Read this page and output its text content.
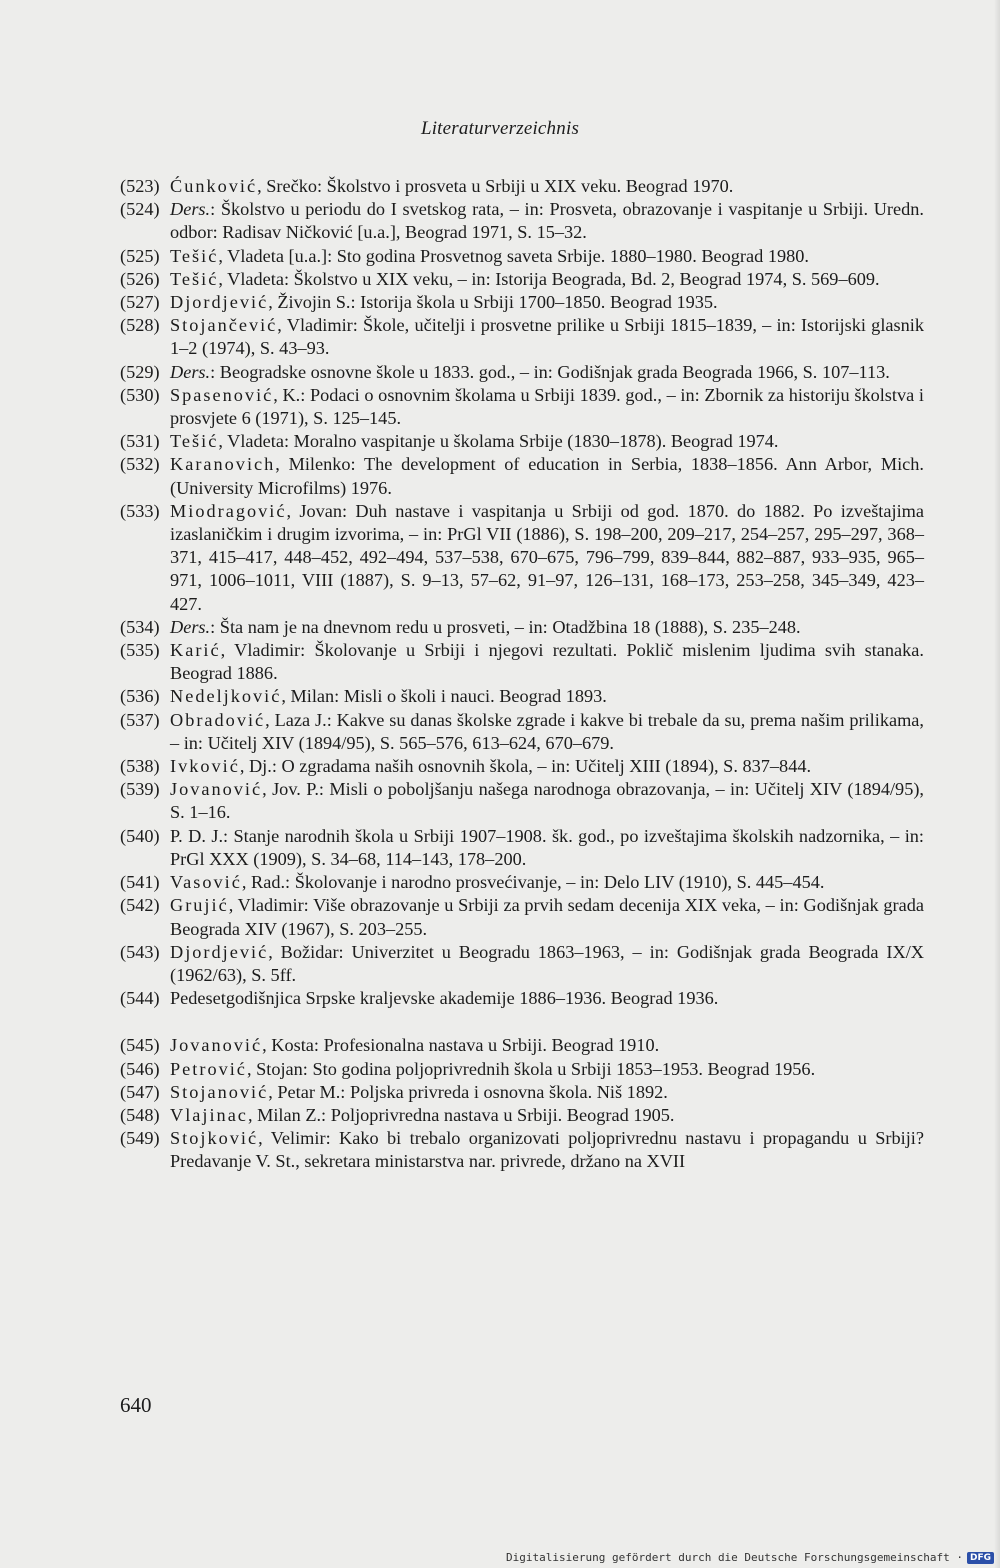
Literaturverzeichnis
(523) Ćunković, Srečko: Školstvo i prosveta u Srbiji u XIX veku. Beograd 1970.
(524) Ders.: Školstvo u periodu do I svetskog rata, – in: Prosveta, obrazovanje i vaspitanje u Srbiji. Uredn. odbor: Radisav Ničković [u.a.], Beograd 1971, S. 15–32.
(525) Tešić, Vladeta [u.a.]: Sto godina Prosvetnog saveta Srbije. 1880–1980. Beograd 1980.
(526) Tešić, Vladeta: Školstvo u XIX veku, – in: Istorija Beograda, Bd. 2, Beograd 1974, S. 569–609.
(527) Djordjević, Živojin S.: Istorija škola u Srbiji 1700–1850. Beograd 1935.
(528) Stojančević, Vladimir: Škole, učitelji i prosvetne prilike u Srbiji 1815–1839, – in: Istorijski glasnik 1–2 (1974), S. 43–93.
(529) Ders.: Beogradske osnovne škole u 1833. god., – in: Godišnjak grada Beograda 1966, S. 107–113.
(530) Spasenović, K.: Podaci o osnovnim školama u Srbiji 1839. god., – in: Zbornik za historiju školstva i prosvjete 6 (1971), S. 125–145.
(531) Tešić, Vladeta: Moralno vaspitanje u školama Srbije (1830–1878). Beograd 1974.
(532) Karanovich, Milenko: The development of education in Serbia, 1838–1856. Ann Arbor, Mich. (University Microfilms) 1976.
(533) Miodragović, Jovan: Duh nastave i vaspitanja u Srbiji od god. 1870. do 1882. Po izveštajima izaslaničkim i drugim izvorima, – in: PrGl VII (1886), S. 198–200, 209–217, 254–257, 295–297, 368–371, 415–417, 448–452, 492–494, 537–538, 670–675, 796–799, 839–844, 882–887, 933–935, 965–971, 1006–1011, VIII (1887), S. 9–13, 57–62, 91–97, 126–131, 168–173, 253–258, 345–349, 423–427.
(534) Ders.: Šta nam je na dnevnom redu u prosveti, – in: Otadžbina 18 (1888), S. 235–248.
(535) Karić, Vladimir: Školovanje u Srbiji i njegovi rezultati. Poklič mislenim ljudima svih stanaka. Beograd 1886.
(536) Nedeljković, Milan: Misli o školi i nauci. Beograd 1893.
(537) Obradović, Laza J.: Kakve su danas školske zgrade i kakve bi trebale da su, prema našim prilikama, – in: Učitelj XIV (1894/95), S. 565–576, 613–624, 670–679.
(538) Ivković, Dj.: O zgradama naših osnovnih škola, – in: Učitelj XIII (1894), S. 837–844.
(539) Jovanović, Jov. P.: Misli o poboljšanju našega narodnoga obrazovanja, – in: Učitelj XIV (1894/95), S. 1–16.
(540) P. D. J.: Stanje narodnih škola u Srbiji 1907–1908. šk. god., po izveštajima školskih nadzornika, – in: PrGl XXX (1909), S. 34–68, 114–143, 178–200.
(541) Vasović, Rad.: Školovanje i narodno prosvećivanje, – in: Delo LIV (1910), S. 445–454.
(542) Grujić, Vladimir: Više obrazovanje u Srbiji za prvih sedam decenija XIX veka, – in: Godišnjak grada Beograda XIV (1967), S. 203–255.
(543) Djordjević, Božidar: Univerzitet u Beogradu 1863–1963, – in: Godišnjak grada Beograda IX/X (1962/63), S. 5ff.
(544) Pedesetgodišnjica Srpske kraljevske akademije 1886–1936. Beograd 1936.
(545) Jovanović, Kosta: Profesionalna nastava u Srbiji. Beograd 1910.
(546) Petrović, Stojan: Sto godina poljoprivrednih škola u Srbiji 1853–1953. Beograd 1956.
(547) Stojanović, Petar M.: Poljska privreda i osnovna škola. Niš 1892.
(548) Vlajinac, Milan Z.: Poljoprivredna nastava u Srbiji. Beograd 1905.
(549) Stojković, Velimir: Kako bi trebalo organizovati poljoprivrednu nastavu i propagandu u Srbiji? Predavanje V. St., sekretara ministarstva nar. privrede, držano na XVII
640
Digitalisierung gefördert durch die Deutsche Forschungsgemeinschaft · DFG
